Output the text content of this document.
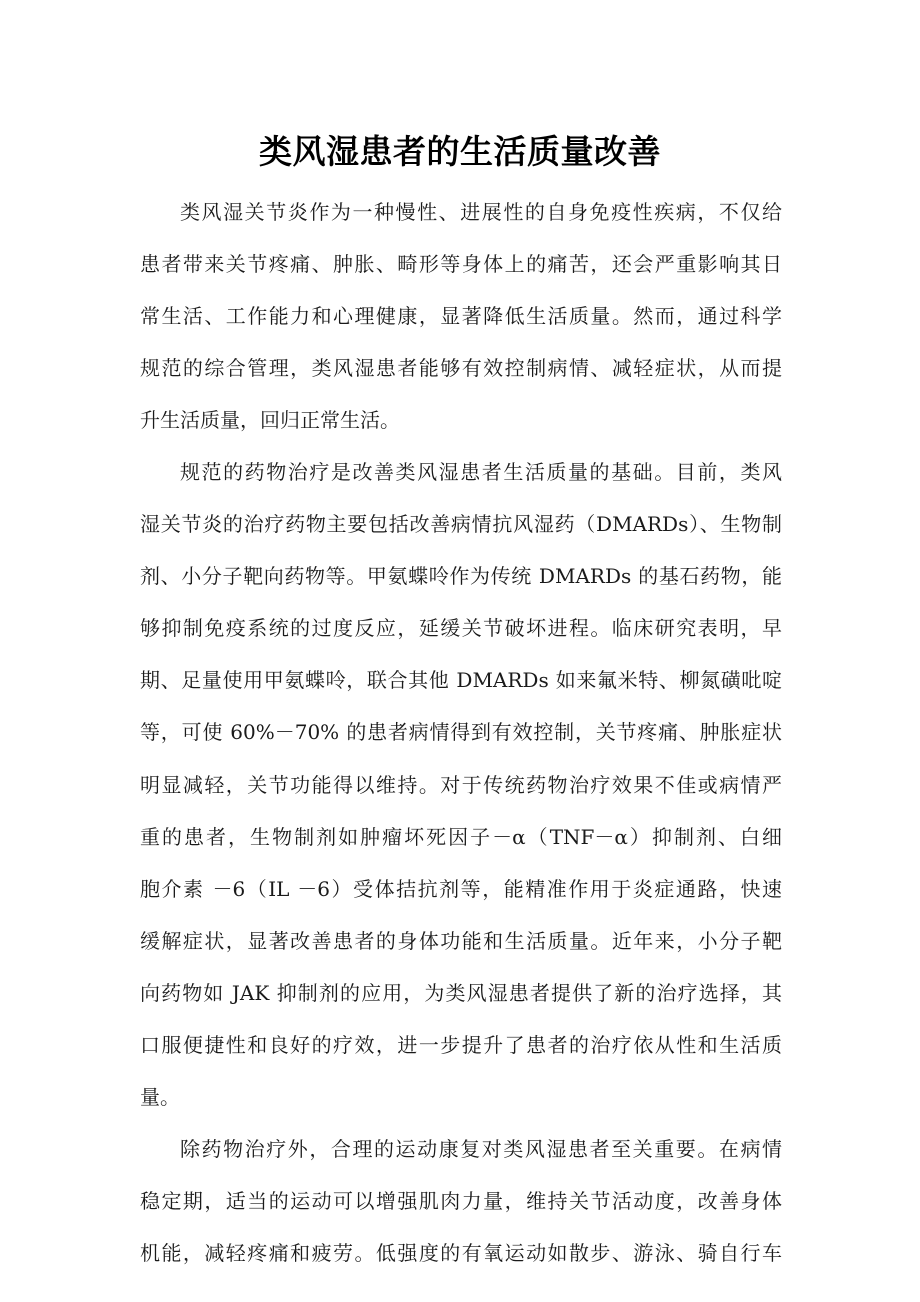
类风湿患者的生活质量改善
类风湿关节炎作为一种慢性、进展性的自身免疫性疾病，不仅给
患者带来关节疼痛、肿胀、畸形等身体上的痛苦，还会严重影响其日
常生活、工作能力和心理健康，显著降低生活质量。然而，通过科学
规范的综合管理，类风湿患者能够有效控制病情、减轻症状，从而提
升生活质量，回归正常生活。
规范的药物治疗是改善类风湿患者生活质量的基础。目前，类风
湿关节炎的治疗药物主要包括改善病情抗风湿药（DMARDs）、生物制
剂、小分子靶向药物等。甲氨蝶呤作为传统 DMARDs 的基石药物，能
够抑制免疫系统的过度反应，延缓关节破坏进程。临床研究表明，早
期、足量使用甲氨蝶呤，联合其他 DMARDs 如来氟米特、柳氮磺吡啶
等，可使 60%－70% 的患者病情得到有效控制，关节疼痛、肿胀症状
明显减轻，关节功能得以维持。对于传统药物治疗效果不佳或病情严
重的患者，生物制剂如肿瘤坏死因子－α（TNF－α）抑制剂、白细
胞介素 －6（IL －6）受体拮抗剂等，能精准作用于炎症通路，快速
缓解症状，显著改善患者的身体功能和生活质量。近年来，小分子靶
向药物如 JAK 抑制剂的应用，为类风湿患者提供了新的治疗选择，其
口服便捷性和良好的疗效，进一步提升了患者的治疗依从性和生活质
量。
除药物治疗外，合理的运动康复对类风湿患者至关重要。在病情
稳定期，适当的运动可以增强肌肉力量，维持关节活动度，改善身体
机能，减轻疼痛和疲劳。低强度的有氧运动如散步、游泳、骑自行车
